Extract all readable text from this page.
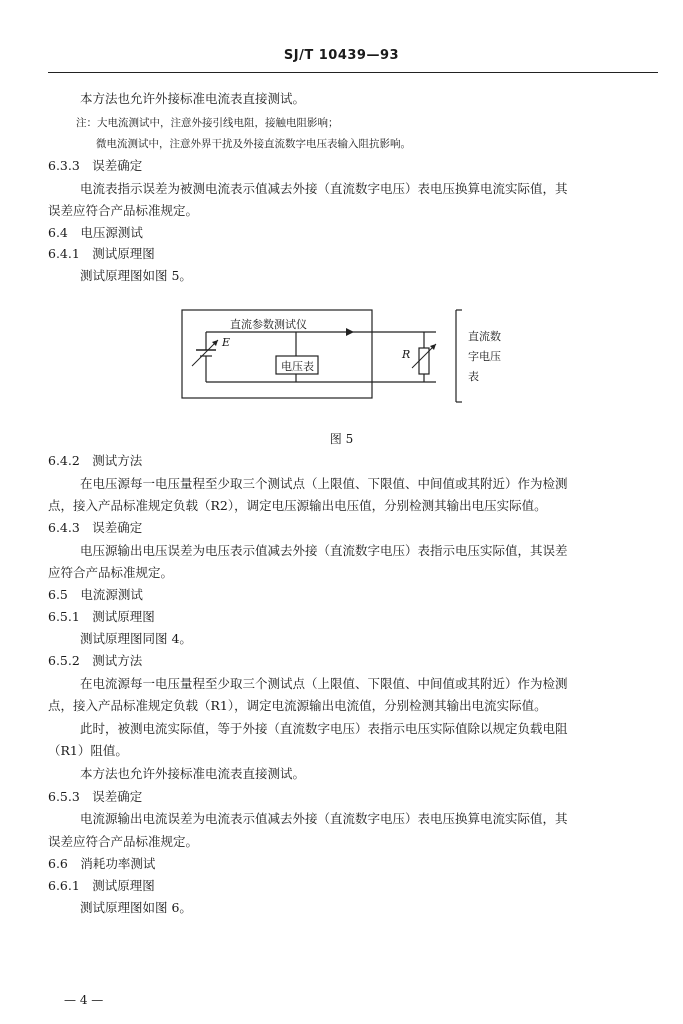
SJ/T 10439—93
本方法也允许外接标准电流表直接测试。
注：大电流测试中，注意外接引线电阻，接触电阻影响；
微电流测试中，注意外界干扰及外接直流数字电压表输入阻抗影响。
6.3.3　误差确定
电流表指示误差为被测电流表示值减去外接（直流数字电压）表电压换算电流实际值，其
误差应符合产品标准规定。
6.4　电压源测试
6.4.1　测试原理图
测试原理图如图 5。
直流参数测试仪
E
电压表
R
直流数
字电压
表
图 5
6.4.2　测试方法
在电压源每一电压量程至少取三个测试点（上限值、下限值、中间值或其附近）作为检测
点，接入产品标准规定负载（R2），调定电压源输出电压值，分别检测其输出电压实际值。
6.4.3　误差确定
电压源输出电压误差为电压表示值减去外接（直流数字电压）表指示电压实际值，其误差
应符合产品标准规定。
6.5　电流源测试
6.5.1　测试原理图
测试原理图同图 4。
6.5.2　测试方法
在电流源每一电压量程至少取三个测试点（上限值、下限值、中间值或其附近）作为检测
点，接入产品标准规定负载（R1），调定电流源输出电流值，分别检测其输出电流实际值。
此时，被测电流实际值，等于外接（直流数字电压）表指示电压实际值除以规定负载电阻
（R1）阻值。
本方法也允许外接标准电流表直接测试。
6.5.3　误差确定
电流源输出电流误差为电流表示值减去外接（直流数字电压）表电压换算电流实际值，其
误差应符合产品标准规定。
6.6　消耗功率测试
6.6.1　测试原理图
测试原理图如图 6。
— 4 —
